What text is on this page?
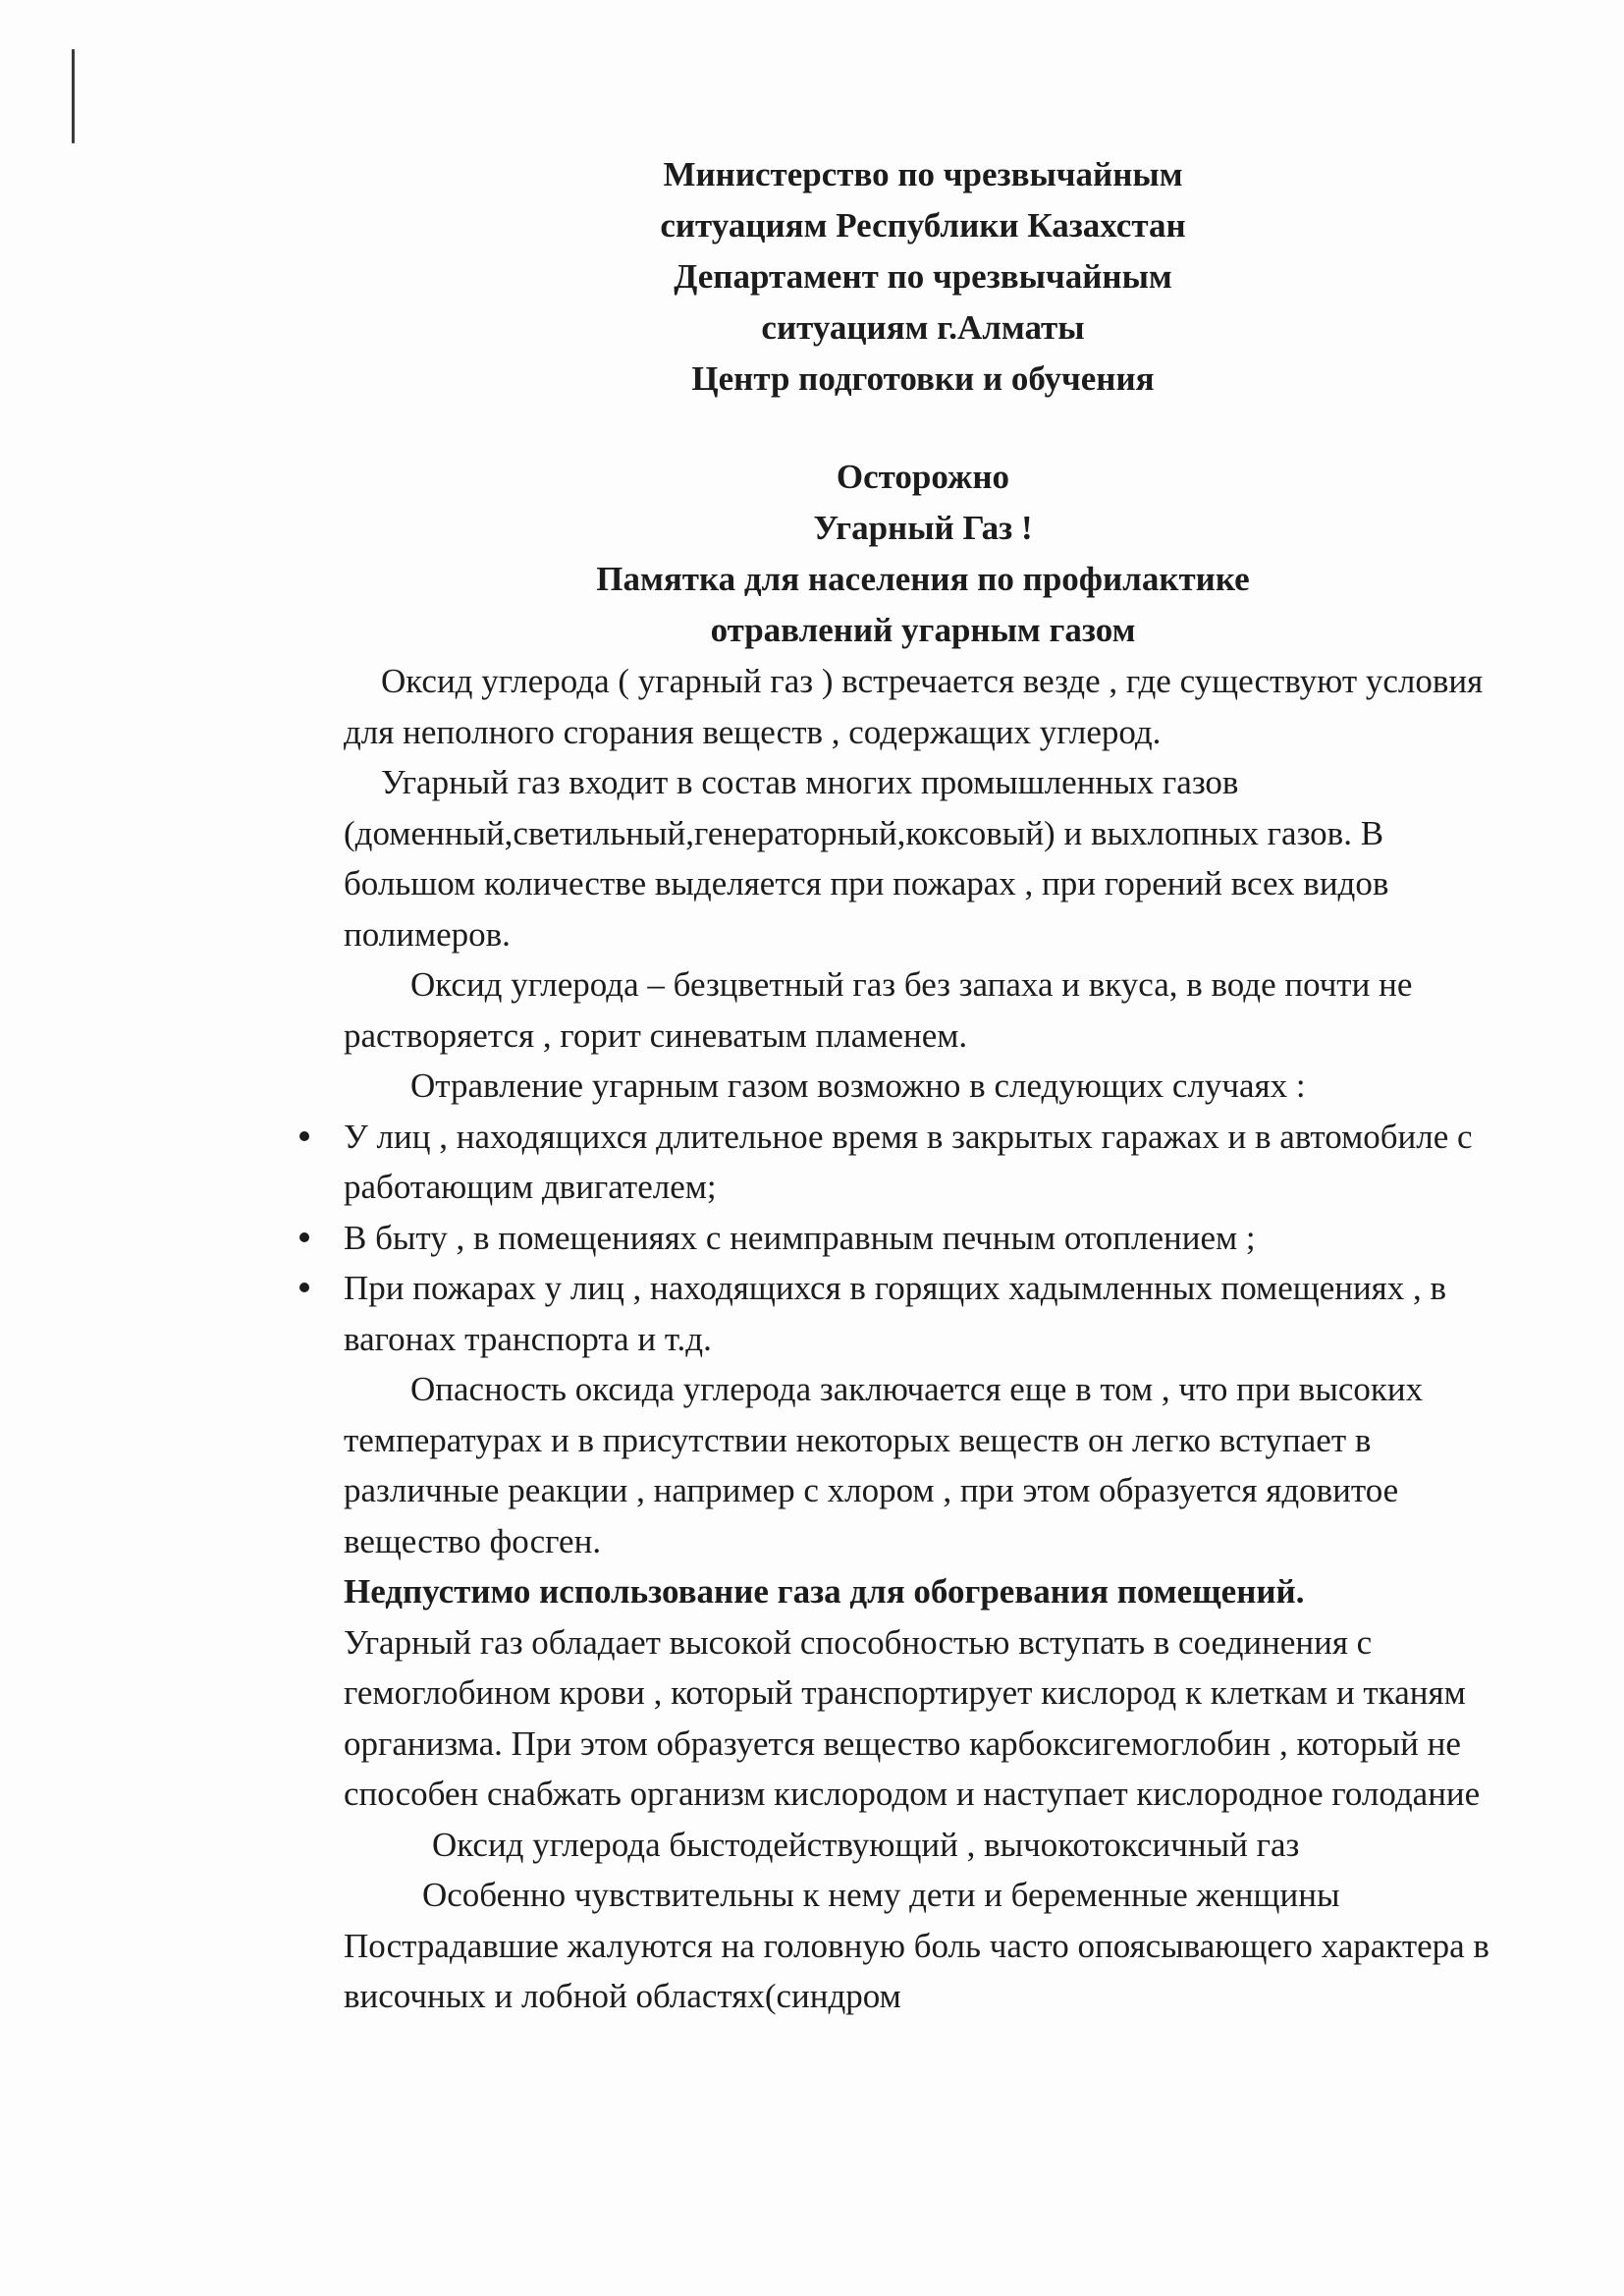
Министерство по чрезвычайным
ситуациям Республики Казахстан
Департамент по чрезвычайным
ситуациям г.Алматы
Центр подготовки и обучения
Осторожно
Угарный Газ !
Памятка для населения по профилактике
отравлений угарным газом

Оксид углерода ( угарный газ ) встречается везде , где существуют условия для неполного сгорания веществ , содержащих углерод.

Угарный газ входит в состав многих промышленных газов (доменный,светильный,генераторный,коксовый) и выхлопных газов. В большом количестве выделяется при пожарах , при горений всех видов полимеров.

Оксид углерода – безцветный газ без запаха и вкуса, в воде почти не растворяется , горит синеватым пламенем.

Отравление угарным газом возможно в следующих случаях :

У лиц , находящихся длительное время в закрытых гаражах и в автомобиле с работающим двигателем;
В быту , в помещенияях с неимправным печным отоплением ;
При пожарах у лиц , находящихся в горящих хадымленных помещениях , в вагонах транспорта и т.д.

Опасность оксида углерода заключается еще в том , что при высоких температурах и в присутствии некоторых веществ он легко вступает в различные реакции , например с хлором , при этом образуется ядовитое вещество фосген.

Недпустимо использование газа для обогревания помещений.

Угарный газ обладает высокой способностью вступать в соединения с гемоглобином крови , который транспортирует кислород к клеткам и тканям организма. При этом образуется вещество карбоксигемоглобин , который не способен снабжать организм кислородом и наступает кислородное голодание

Оксид углерода быстодействующий , вычокотоксичный газ

Особенно чувствительны к нему дети и беременные женщины

Пострадавшие жалуются на головную боль часто опоясывающего характера в височных и лобной областях(синдром
